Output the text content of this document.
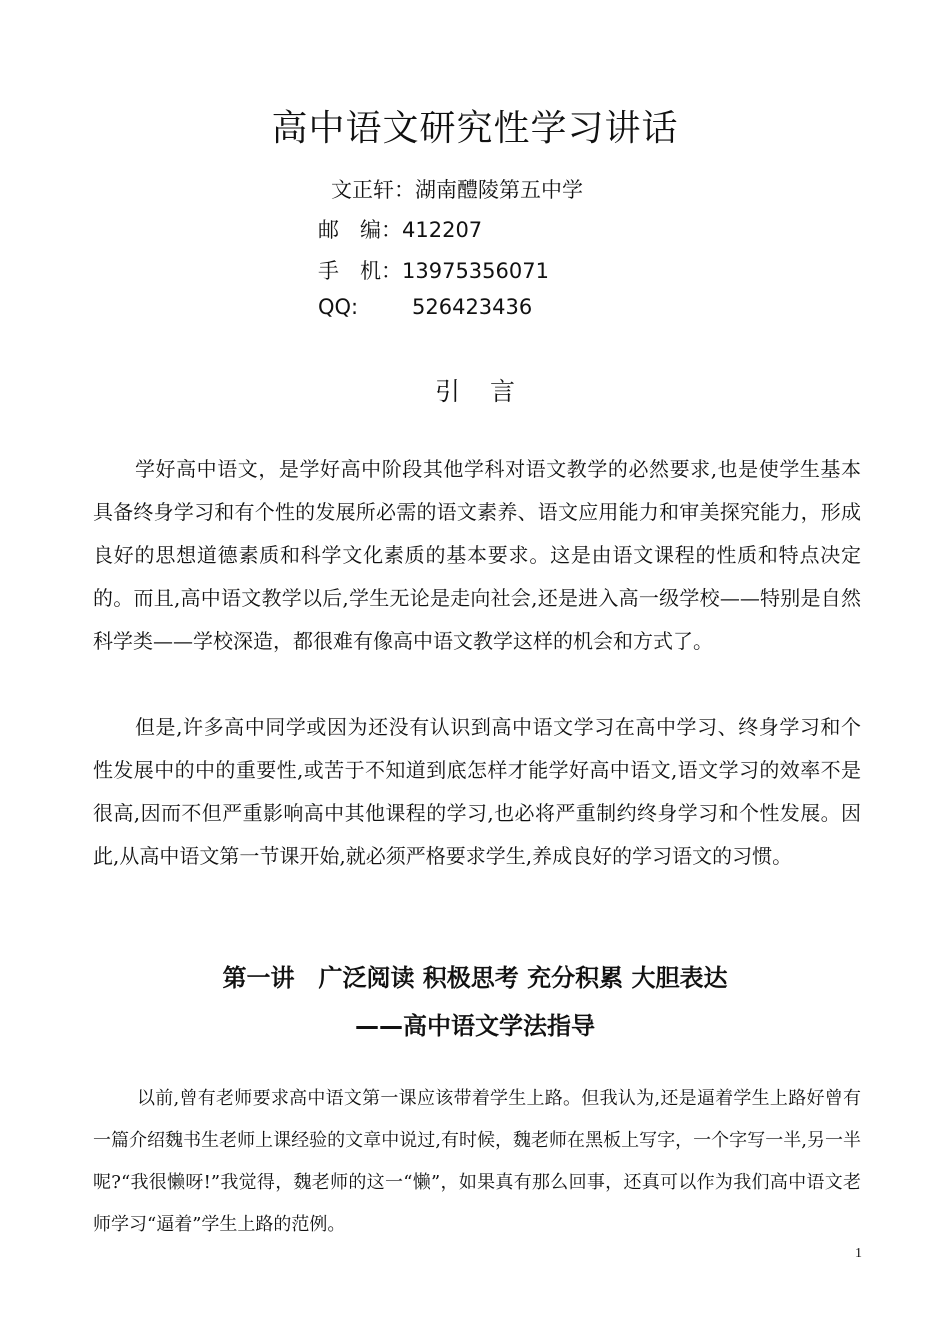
高中语文研究性学习讲话
文正轩：湖南醴陵第五中学
邮　编：412207
手　机：13975356071
QQ:	526423436
引言

学好高中语文，是学好高中阶段其他学科对语文教学的必然要求,也是使学生基本具备终身学习和有个性的发展所必需的语文素养、语文应用能力和审美探究能力，形成良好的思想道德素质和科学文化素质的基本要求。这是由语文课程的性质和特点决定的。而且,高中语文教学以后,学生无论是走向社会,还是进入高一级学校——特别是自然科学类——学校深造，都很难有像高中语文教学这样的机会和方式了。

但是,许多高中同学或因为还没有认识到高中语文学习在高中学习、终身学习和个性发展中的中的重要性,或苦于不知道到底怎样才能学好高中语文,语文学习的效率不是很高,因而不但严重影响高中其他课程的学习,也必将严重制约终身学习和个性发展。因此,从高中语文第一节课开始,就必须严格要求学生,养成良好的学习语文的习惯。

第一讲　广泛阅读 积极思考 充分积累 大胆表达
——高中语文学法指导

以前,曾有老师要求高中语文第一课应该带着学生上路。但我认为,还是逼着学生上路好曾有一篇介绍魏书生老师上课经验的文章中说过,有时候，魏老师在黑板上写字，一个字写一半,另一半呢?“我很懒呀!”我觉得，魏老师的这一“懒”，如果真有那么回事，还真可以作为我们高中语文老师学习“逼着”学生上路的范例。

1
